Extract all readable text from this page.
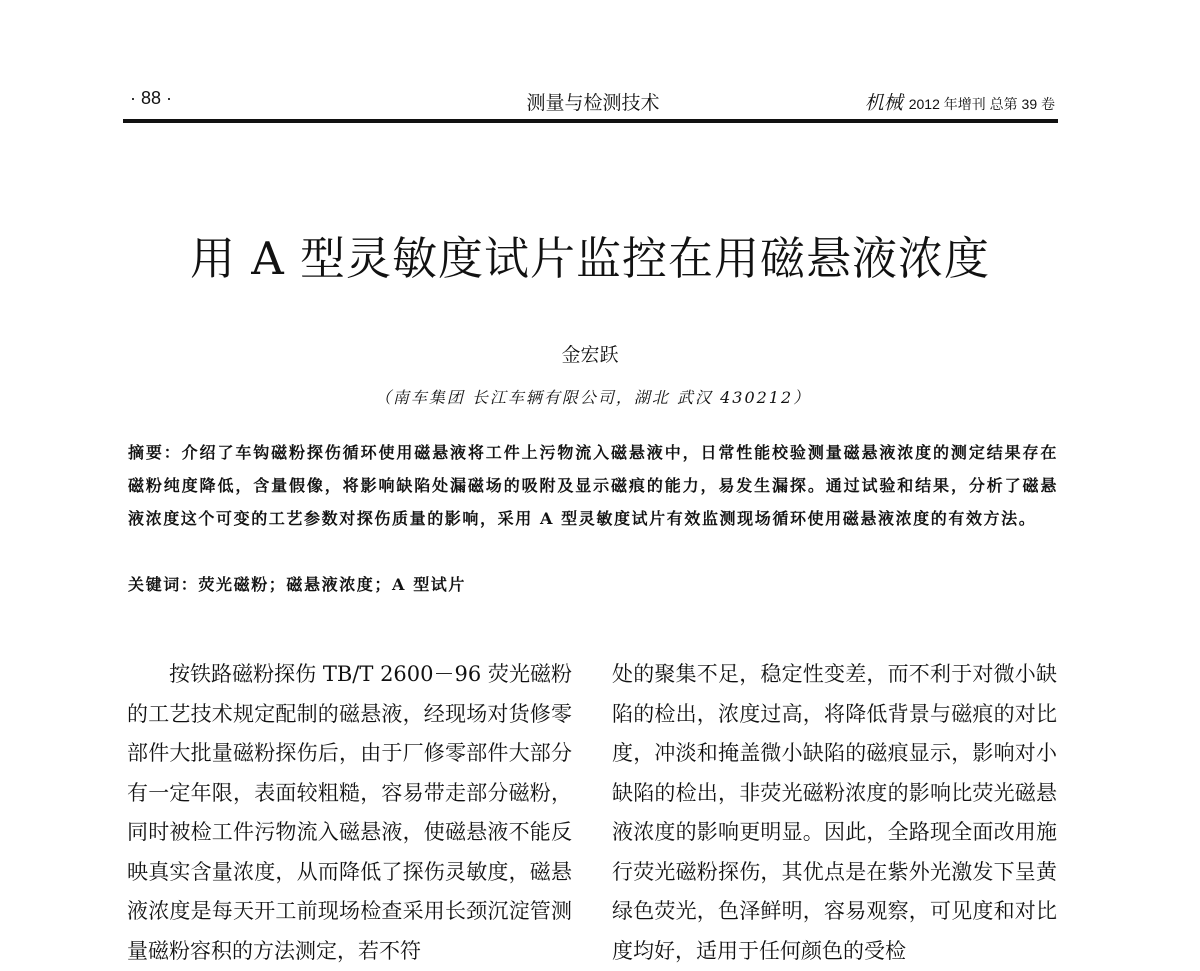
· 88 ·	测量与检测技术	机械 2012 年增刊 总第 39 卷
用 A 型灵敏度试片监控在用磁悬液浓度
金宏跃
（南车集团 长江车辆有限公司，湖北 武汉 430212）
摘要：介绍了车钩磁粉探伤循环使用磁悬液将工件上污物流入磁悬液中，日常性能校验测量磁悬液浓度的测定结果存在磁粉纯度降低，含量假像，将影响缺陷处漏磁场的吸附及显示磁痕的能力，易发生漏探。通过试验和结果，分析了磁悬液浓度这个可变的工艺参数对探伤质量的影响，采用 A 型灵敏度试片有效监测现场循环使用磁悬液浓度的有效方法。
关键词：荧光磁粉；磁悬液浓度；A 型试片
按铁路磁粉探伤 TB/T 2600－96 荧光磁粉的工艺技术规定配制的磁悬液，经现场对货修零部件大批量磁粉探伤后，由于厂修零部件大部分有一定年限，表面较粗糙，容易带走部分磁粉，同时被检工件污物流入磁悬液，使磁悬液不能反映真实含量浓度，从而降低了探伤灵敏度，磁悬液浓度是每天开工前现场检查采用长颈沉淀管测量磁粉容积的方法测定，若不符
处的聚集不足，稳定性变差，而不利于对微小缺陷的检出，浓度过高，将降低背景与磁痕的对比度，冲淡和掩盖微小缺陷的磁痕显示，影响对小缺陷的检出，非荧光磁粉浓度的影响比荧光磁悬液浓度的影响更明显。因此，全路现全面改用施行荧光磁粉探伤，其优点是在紫外光激发下呈黄绿色荧光，色泽鲜明，容易观察，可见度和对比度均好，适用于任何颜色的受检
